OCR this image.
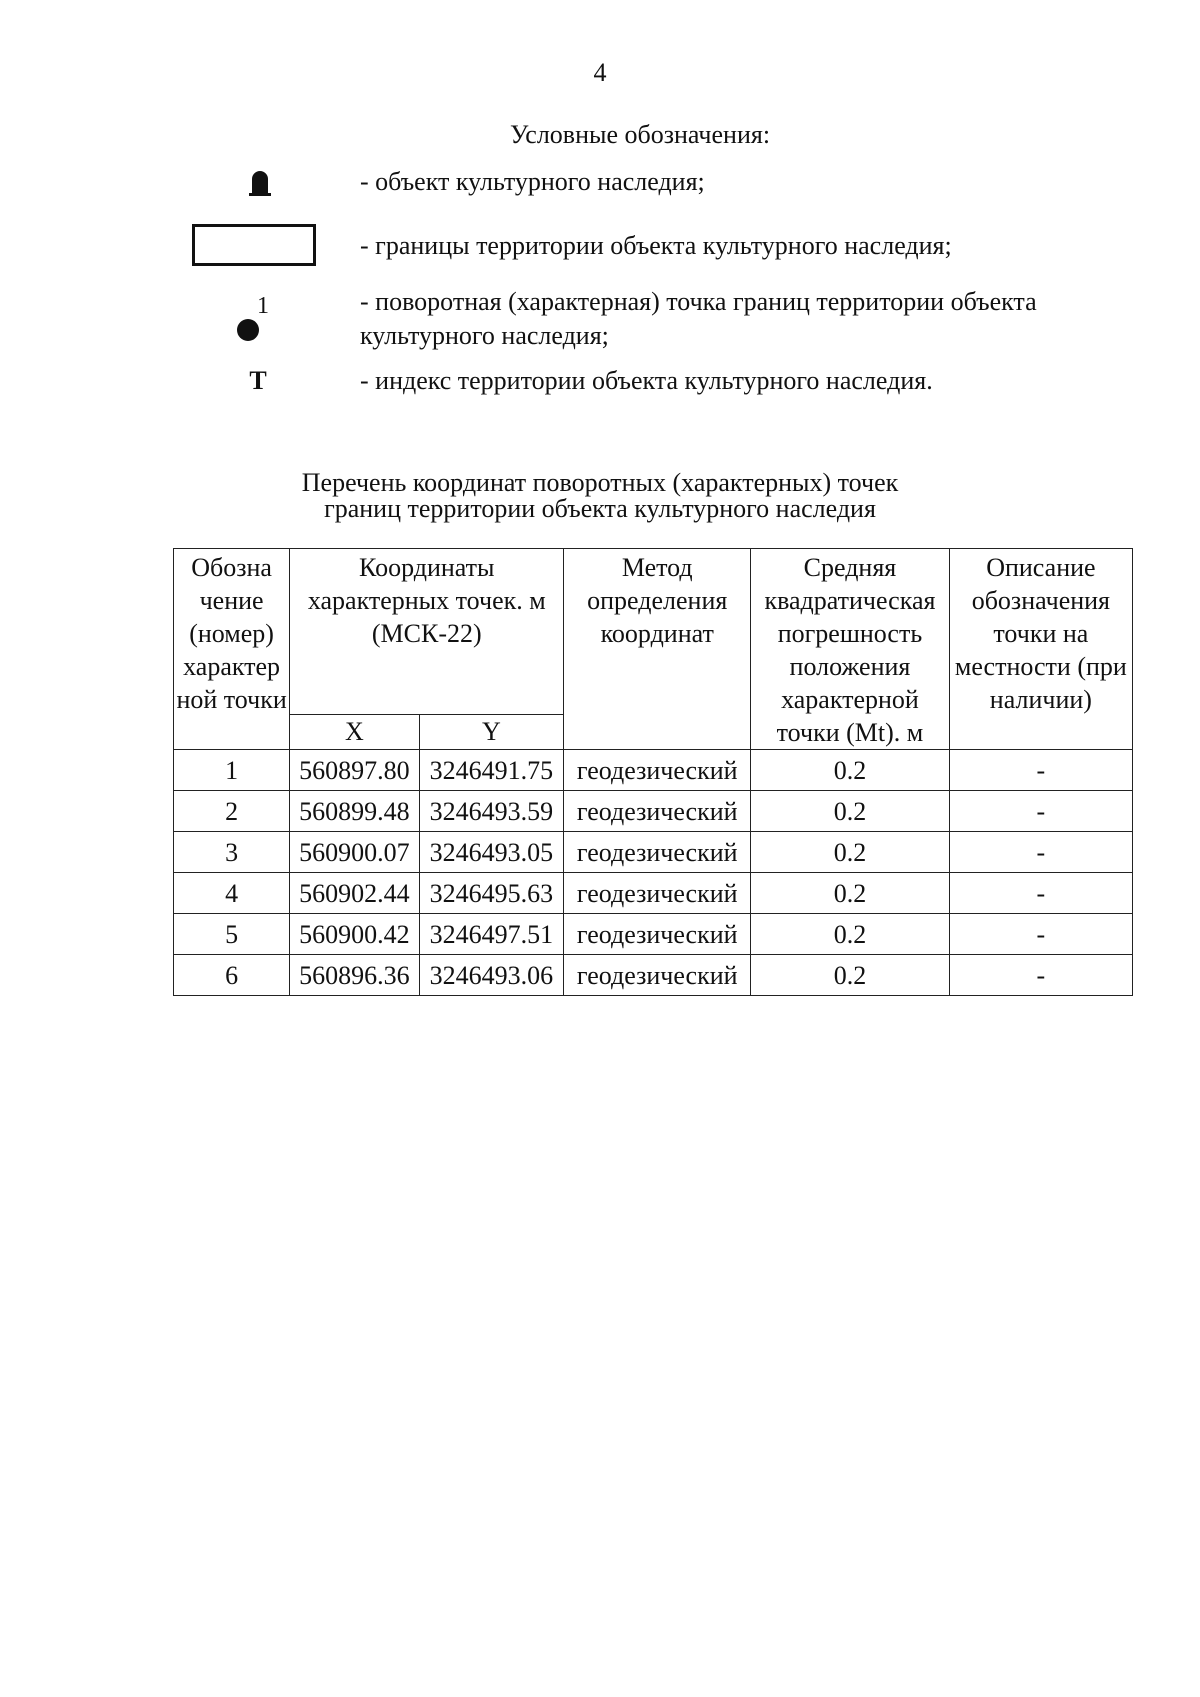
4
Условные обозначения:
- объект культурного наследия;
- границы территории объекта культурного наследия;
1	- поворотная (характерная) точка границ территории объекта культурного наследия;
Т	- индекс территории объекта культурного наследия.
Перечень координат поворотных (характерных) точек
границ территории объекта культурного наследия
Обозна чение (номер) характер ной точки	Координаты характерных точек. м (МСК-22)		Метод определения координат	Средняя квадратическая погрешность положения характерной точки (Mt). м	Описание обозначения точки на местности (при наличии)
	X	Y			
1	560897.80	3246491.75	геодезический	0.2	-
2	560899.48	3246493.59	геодезический	0.2	-
3	560900.07	3246493.05	геодезический	0.2	-
4	560902.44	3246495.63	геодезический	0.2	-
5	560900.42	3246497.51	геодезический	0.2	-
6	560896.36	3246493.06	геодезический	0.2	-
